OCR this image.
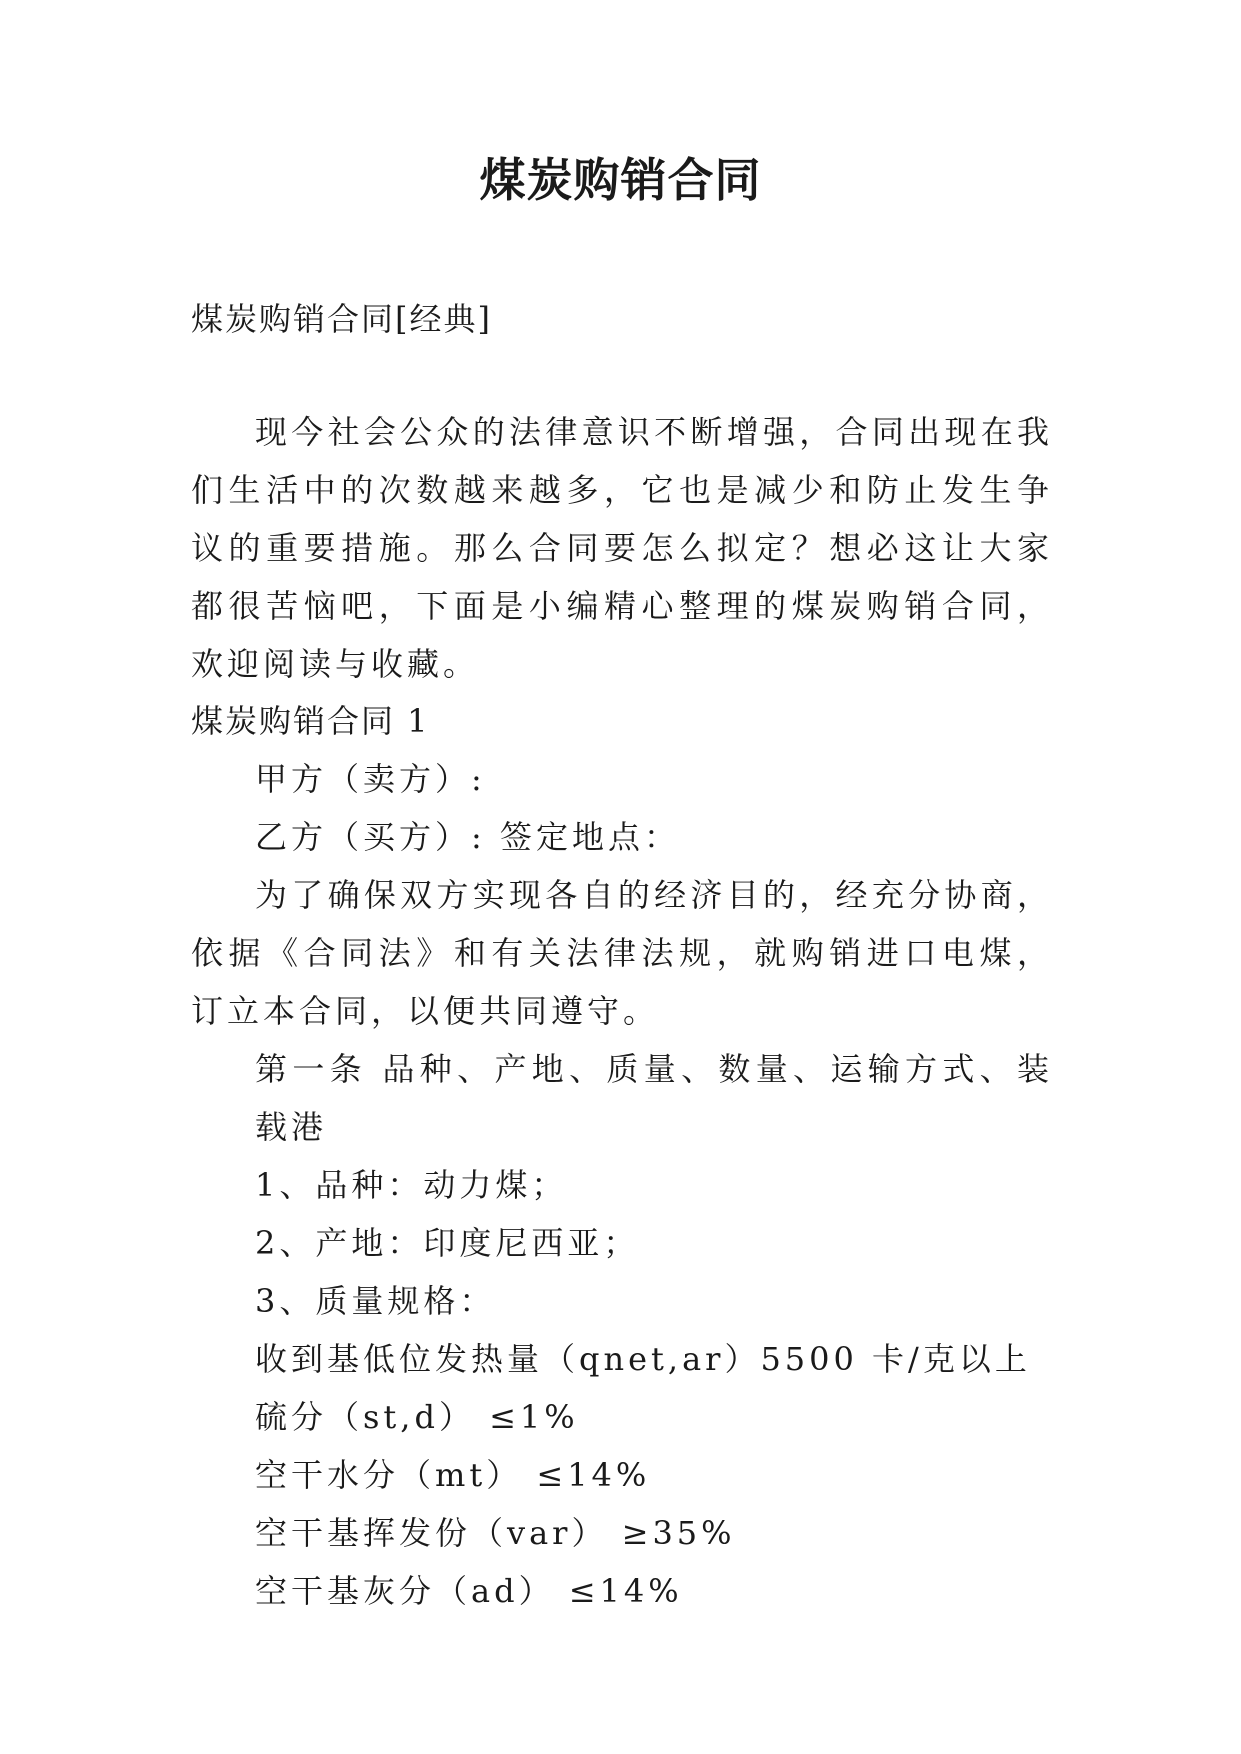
煤炭购销合同
煤炭购销合同[经典]
现今社会公众的法律意识不断增强，合同出现在我们生活中的次数越来越多，它也是减少和防止发生争议的重要措施。那么合同要怎么拟定？想必这让大家都很苦恼吧，下面是小编精心整理的煤炭购销合同，欢迎阅读与收藏。
煤炭购销合同 1

甲方（卖方）:

乙方（买方）: 签定地点：

为了确保双方实现各自的经济目的，经充分协商，依据《合同法》和有关法律法规，就购销进口电煤，订立本合同，以便共同遵守。

第一条 品种、产地、质量、数量、运输方式、装载港

1、品种：动力煤；

2、产地：印度尼西亚；

3、质量规格：

收到基低位发热量（qnet,ar）5500 卡/克以上

硫分（st,d） ≤1%

空干水分（mt） ≤14%

空干基挥发份（var） ≥35%

空干基灰分（ad） ≤14%
